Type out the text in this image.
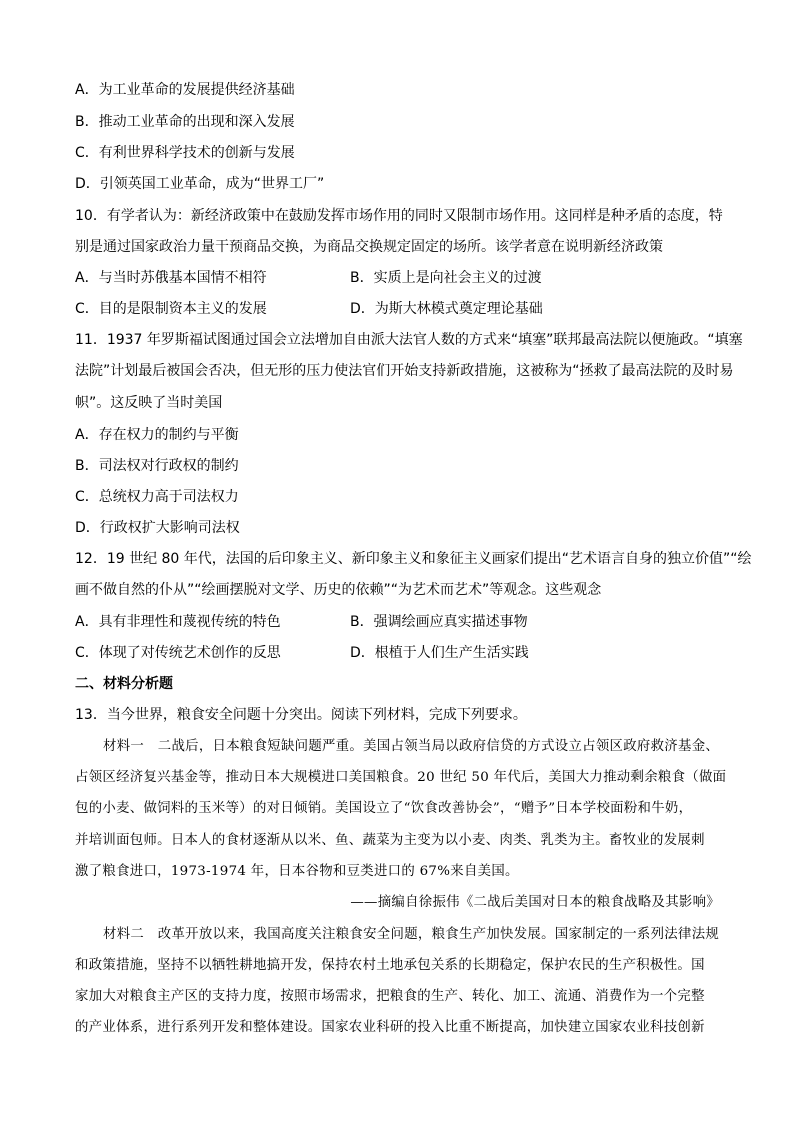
A．为工业革命的发展提供经济基础
B．推动工业革命的出现和深入发展
C．有利世界科学技术的创新与发展
D．引领英国工业革命，成为“世界工厂”
10．有学者认为：新经济政策中在鼓励发挥市场作用的同时又限制市场作用。这同样是种矛盾的态度，特
别是通过国家政治力量干预商品交换，为商品交换规定固定的场所。该学者意在说明新经济政策
A．与当时苏俄基本国情不相符	B．实质上是向社会主义的过渡
C．目的是限制资本主义的发展	D．为斯大林模式奠定理论基础
11．1937 年罗斯福试图通过国会立法增加自由派大法官人数的方式来“填塞”联邦最高法院以便施政。“填塞
法院”计划最后被国会否决，但无形的压力使法官们开始支持新政措施，这被称为“拯救了最高法院的及时易
帜”。这反映了当时美国
A．存在权力的制约与平衡
B．司法权对行政权的制约
C．总统权力高于司法权力
D．行政权扩大影响司法权
12．19 世纪 80 年代，法国的后印象主义、新印象主义和象征主义画家们提出“艺术语言自身的独立价值”“绘
画不做自然的仆从”“绘画摆脱对文学、历史的依赖”“为艺术而艺术”等观念。这些观念
A．具有非理性和蔑视传统的特色	B．强调绘画应真实描述事物
C．体现了对传统艺术创作的反思	D．根植于人们生产生活实践
二、材料分析题
13．当今世界，粮食安全问题十分突出。阅读下列材料，完成下列要求。
材料一　二战后，日本粮食短缺问题严重。美国占领当局以政府信贷的方式设立占领区政府救济基金、
占领区经济复兴基金等，推动日本大规模进口美国粮食。20 世纪 50 年代后，美国大力推动剩余粮食（做面
包的小麦、做饲料的玉米等）的对日倾销。美国设立了“饮食改善协会”，“赠予”日本学校面粉和牛奶，
并培训面包师。日本人的食材逐渐从以米、鱼、蔬菜为主变为以小麦、肉类、乳类为主。畜牧业的发展刺
激了粮食进口，1973-1974 年，日本谷物和豆类进口的 67%来自美国。
——摘编自徐振伟《二战后美国对日本的粮食战略及其影响》
材料二　改革开放以来，我国高度关注粮食安全问题，粮食生产加快发展。国家制定的一系列法律法规
和政策措施，坚持不以牺牲耕地搞开发，保持农村土地承包关系的长期稳定，保护农民的生产积极性。国
家加大对粮食主产区的支持力度，按照市场需求，把粮食的生产、转化、加工、流通、消费作为一个完整
的产业体系，进行系列开发和整体建设。国家农业科研的投入比重不断提高，加快建立国家农业科技创新
